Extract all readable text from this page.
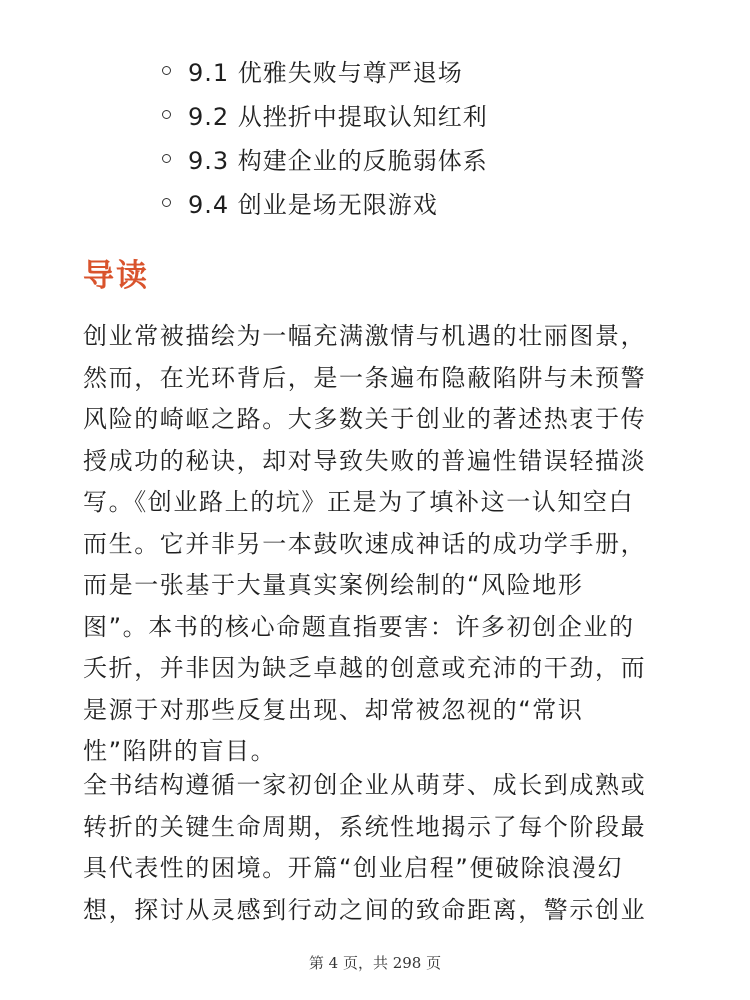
9.1 优雅失败与尊严退场
9.2 从挫折中提取认知红利
9.3 构建企业的反脆弱体系
9.4 创业是场无限游戏
导读

创业常被描绘为一幅充满激情与机遇的壮丽图景，
然而，在光环背后，是一条遍布隐蔽陷阱与未预警
风险的崎岖之路。大多数关于创业的著述热衷于传
授成功的秘诀，却对导致失败的普遍性错误轻描淡
写。《创业路上的坑》正是为了填补这一认知空白
而生。它并非另一本鼓吹速成神话的成功学手册，
而是一张基于大量真实案例绘制的“风险地形
图”。本书的核心命题直指要害：许多初创企业的
夭折，并非因为缺乏卓越的创意或充沛的干劲，而
是源于对那些反复出现、却常被忽视的“常识
性”陷阱的盲目。

全书结构遵循一家初创企业从萌芽、成长到成熟或
转折的关键生命周期，系统性地揭示了每个阶段最
具代表性的困境。开篇“创业启程”便破除浪漫幻
想，探讨从灵感到行动之间的致命距离，警示创业

第 4 页，共 298 页
